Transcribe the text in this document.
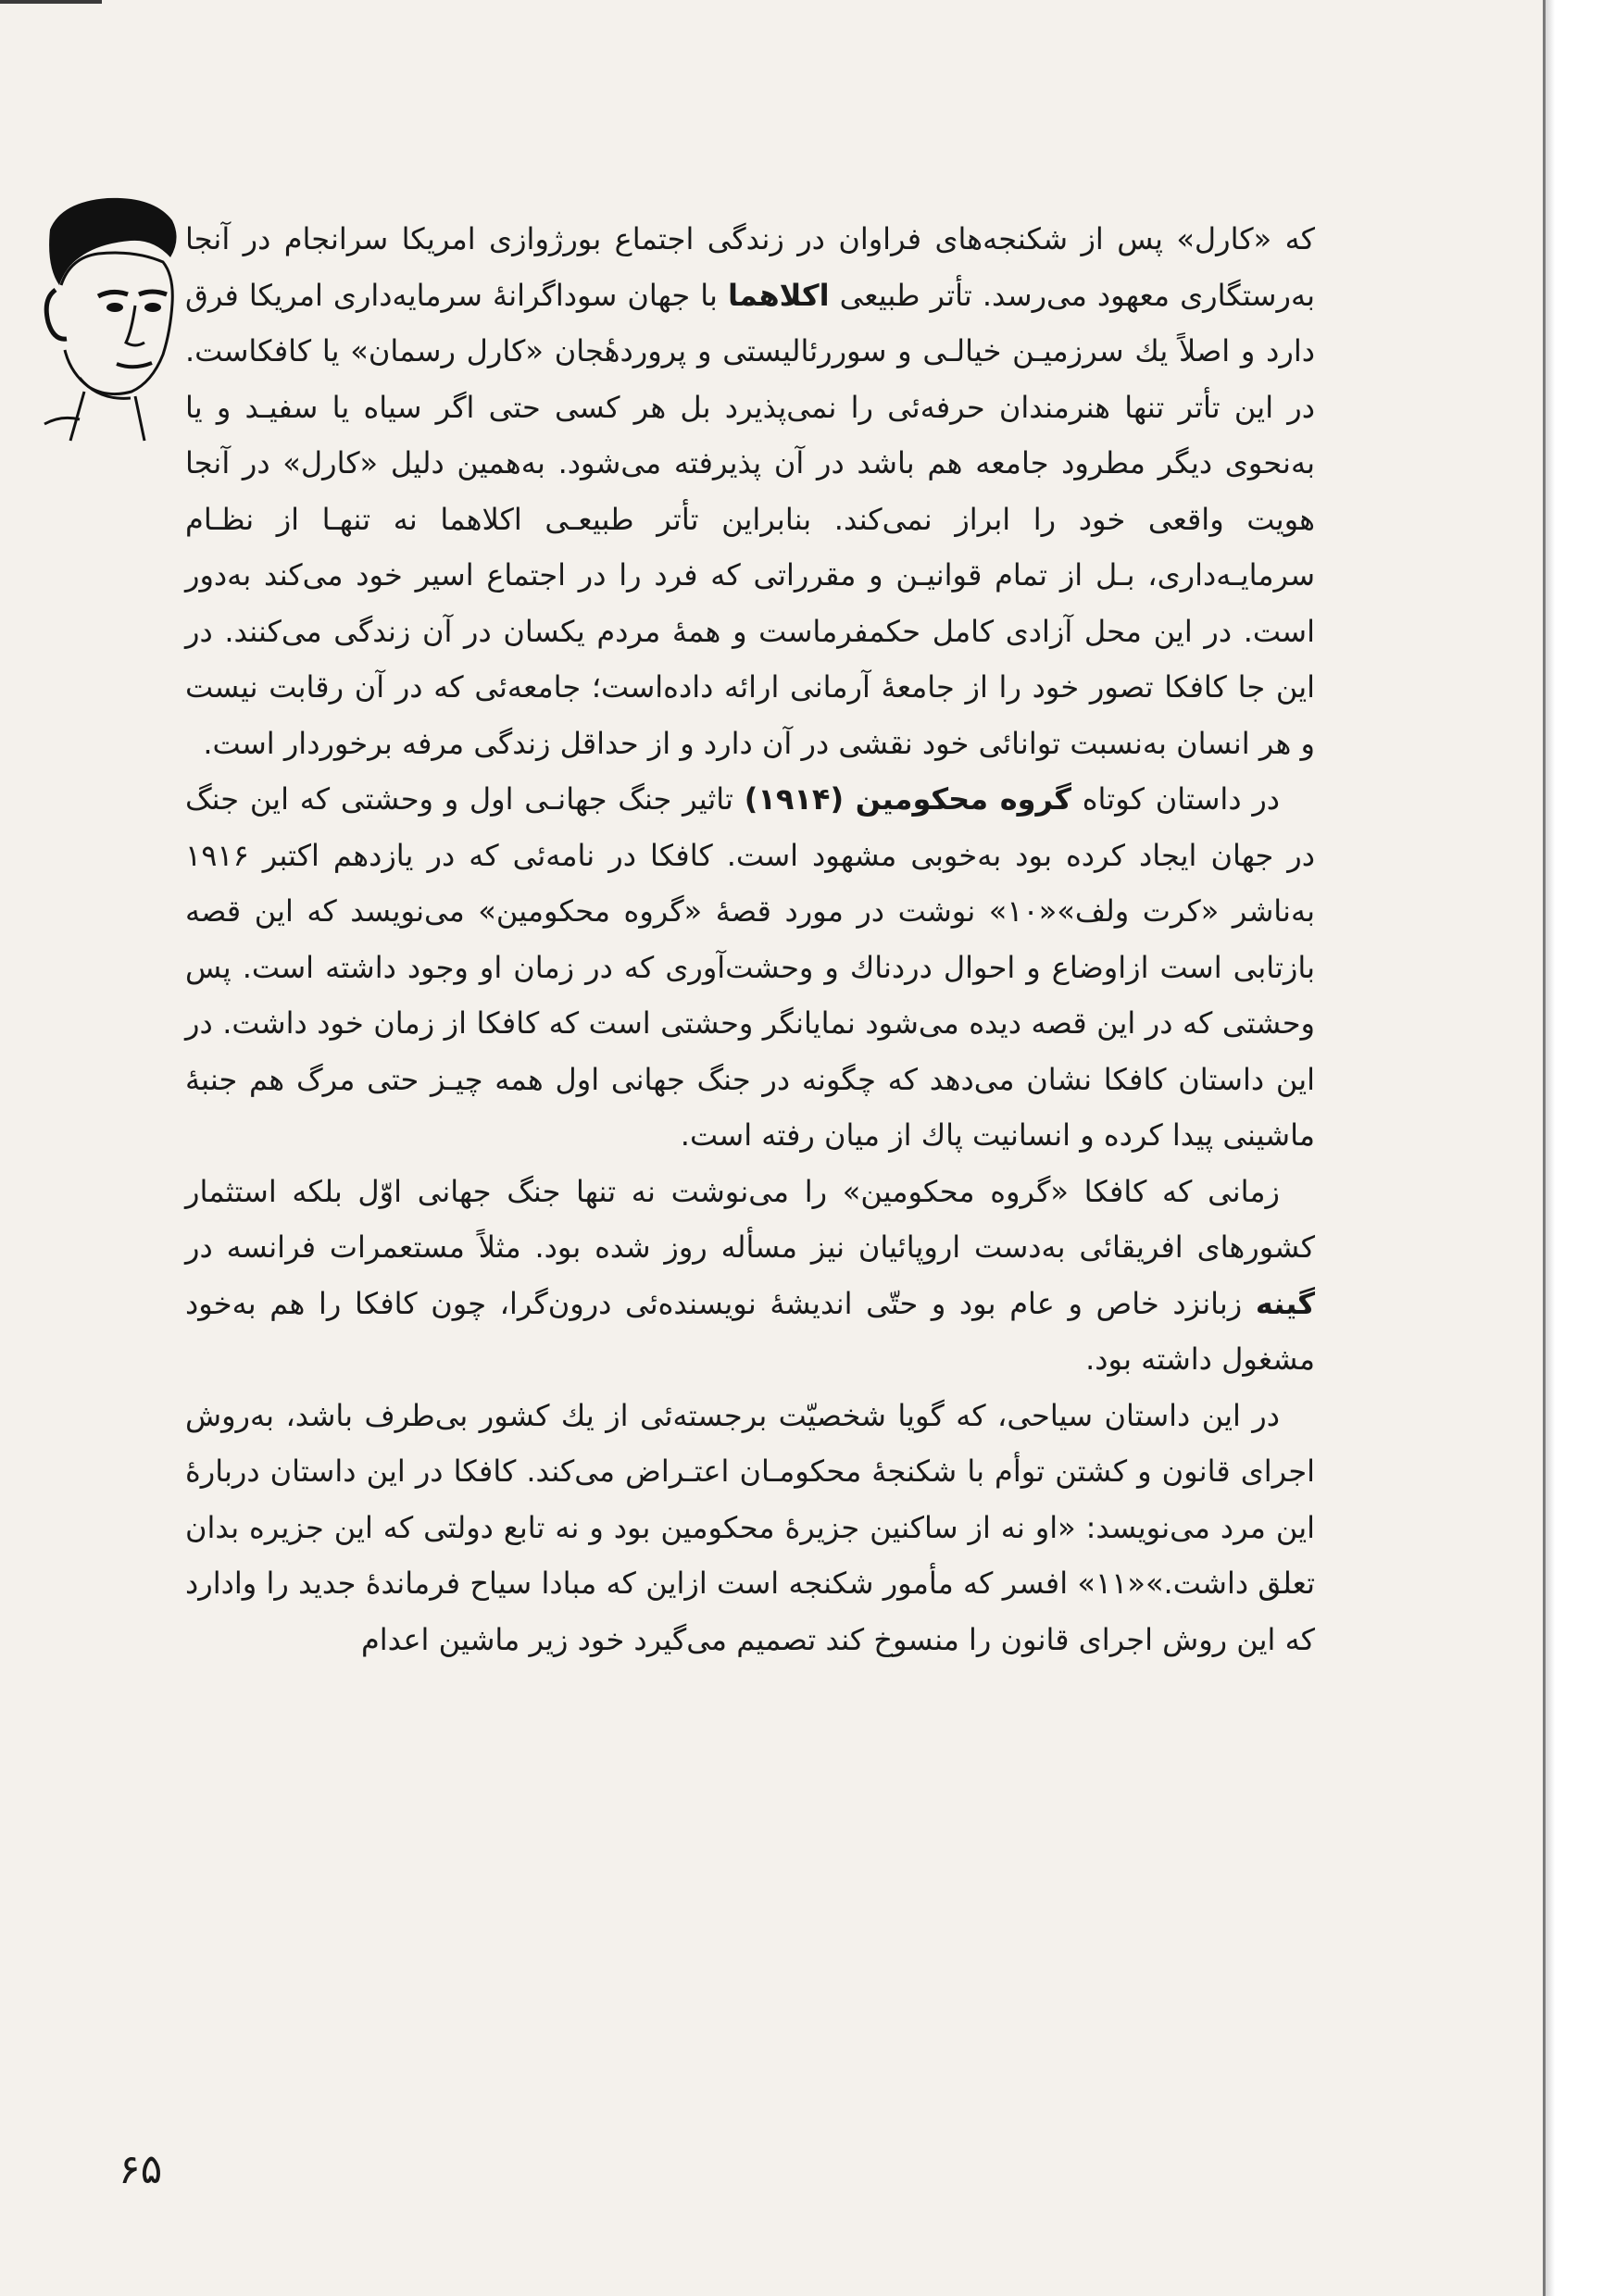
که «کارل» پس از شکنجه‌های فراوان در زندگی اجتماع بورژوازی امریکا سرانجام در آنجا به‌رستگاری معهود می‌رسد. تأتر طبیعی اکلاهما با جهان سوداگرانهٔ سرمایه‌داری امریکا فرق دارد و اصلاً یك سرزمیـن خیالـی و سوررئالیستی و پروردهٔجان «کارل رسمان» یا کافکاست. در این تأتر تنها هنرمندان حرفه‌ئی را نمی‌پذیرد بل هر کسی حتی اگر سیاه یا سفیـد و یا به‌نحوی دیگر مطرود جامعه هم باشد در آن پذیرفته می‌شود. به‌همین دلیل «کارل» در آنجا هویت واقعی خود را ابراز نمی‌کند. بنابراین تأتر طبیعـی اکلاهما نه تنهـا از نظـام سرمایـه‌داری، بـل از تمام قوانیـن و مقرراتی که فرد را در اجتماع اسیر خود می‌کند به‌دور است. در این محل آزادی کامل حکمفرماست و همهٔ مردم یکسان در آن زندگی می‌کنند. در این جا کافکا تصور خود را از جامعهٔ آرمانی ارائه داده‌است؛ جامعه‌ئی که در آن رقابت نیست و هر انسان به‌نسبت توانائی خود نقشی در آن دارد و از حداقل زندگی مرفه برخوردار است.

در داستان کوتاه گروه محکومین (۱۹۱۴) تاثیر جنگ جهانـی اول و وحشتی که این جنگ در جهان ایجاد کرده بود به‌خوبی مشهود است. کافکا در نامه‌ئی که در یازدهم اکتبر ۱۹۱۶ به‌ناشر «کرت ولف»«۱۰» نوشت در مورد قصهٔ «گروه محکومین» می‌نویسد که این قصه بازتابی است ازاوضاع و احوال دردناك و وحشت‌آوری که در زمان او وجود داشته است. پس وحشتی که در این قصه دیده می‌شود نمایانگر وحشتی است که کافکا از زمان خود داشت. در این داستان کافکا نشان می‌دهد که چگونه در جنگ جهانی اول همه چیـز حتی مرگ هم جنبهٔ ماشینی پیدا کرده و انسانیت پاك از میان رفته است.

زمانی که کافکا «گروه محکومین» را می‌نوشت نه تنها جنگ جهانی اوّل بلکه استثمار کشورهای افریقائی به‌دست اروپائیان نیز مسأله روز شده بود. مثلاً مستعمرات فرانسه در گینه زبانزد خاص و عام بود و حتّی اندیشهٔ نویسنده‌ئی درون‌گرا، چون کافکا را هم به‌خود مشغول داشته بود.

در این داستان سیاحی، که گویا شخصیّت برجسته‌ئی از یك کشور بی‌طرف باشد، به‌روش اجرای قانون و کشتن توأم با شکنجهٔ محکومـان اعتـراض می‌کند. کافکا در این داستان دربارهٔ این مرد می‌نویسد: «او نه از ساکنین جزیرهٔ محکومین بود و نه تابع دولتی که این جزیره بدان تعلق داشت.»«۱۱» افسر که مأمور شکنجه است ازاین که مبادا سیاح فرماندهٔ جدید را وادارد که این روش اجرای قانون را منسوخ کند تصمیم می‌گیرد خود زیر ماشین اعدام

۶۵
